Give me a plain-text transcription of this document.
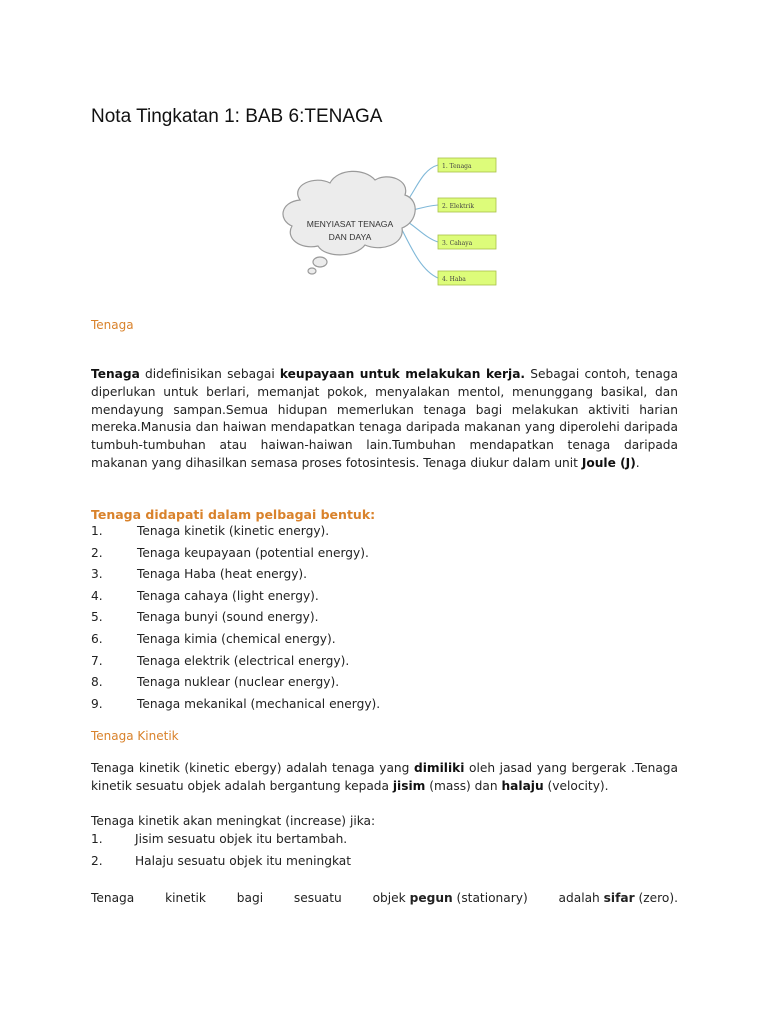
Nota Tingkatan 1: BAB 6:TENAGA
MENYIASAT TENAGA
DAN DAYA
1. Tenaga
2. Elektrik
3. Cahaya
4. Haba

Tenaga

Tenaga didefinisikan sebagai keupayaan untuk melakukan kerja. Sebagai contoh, tenaga diperlukan untuk berlari, memanjat pokok, menyalakan mentol, menunggang basikal, dan mendayung sampan.Semua hidupan memerlukan tenaga bagi melakukan aktiviti harian mereka.Manusia dan haiwan mendapatkan tenaga daripada makanan yang diperolehi daripada tumbuh-tumbuhan atau haiwan-haiwan lain.Tumbuhan mendapatkan tenaga daripada makanan yang dihasilkan semasa proses fotosintesis. Tenaga diukur dalam unit Joule (J).

Tenaga didapati dalam pelbagai bentuk:

1.	Tenaga kinetik (kinetic energy).
2.	Tenaga keupayaan (potential energy).
3.	Tenaga Haba (heat energy).
4.	Tenaga cahaya (light energy).
5.	Tenaga bunyi (sound energy).
6.	Tenaga kimia (chemical energy).
7.	Tenaga elektrik (electrical energy).
8.	Tenaga nuklear (nuclear energy).
9.	Tenaga mekanikal (mechanical energy).

Tenaga Kinetik

Tenaga kinetik (kinetic ebergy) adalah tenaga yang dimiliki oleh jasad yang bergerak .Tenaga kinetik sesuatu objek adalah bergantung kepada jisim (mass) dan halaju (velocity).

Tenaga kinetik akan meningkat (increase) jika:

1.	Jisim sesuatu objek itu bertambah.
2.	Halaju sesuatu objek itu meningkat

Tenaga	kinetik	bagi	sesuatu	objek pegun (stationary)	adalah sifar (zero).
